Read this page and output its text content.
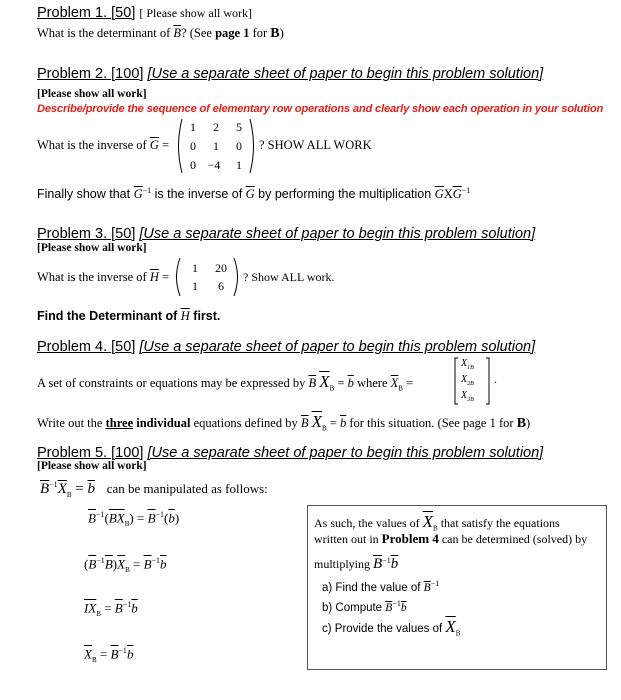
Problem 1. [50] [ Please show all work]
What is the determinant of $\overline{B}$? (See page 1 for B)
Problem 2. [100] [Use a separate sheet of paper to begin this problem solution]
[Please show all work]
Describe/provide the sequence of elementary row operations and clearly show each operation in your solution
What is the inverse of $\overline{G}$ =
1	2	5
0	1	0
0 −4	1
? SHOW ALL WORK
Finally show that $\overline{G}^{-1}$ is the inverse of $\overline{G}$ by performing the multiplication $\overline{G}X\overline{G}^{-1}$
Problem 3. [50] [Use a separate sheet of paper to begin this problem solution]
[Please show all work]
What is the inverse of $\overline{H}$ =
1	20
1	6
? Show ALL work.
Find the Determinant of $\overline{H}$ first.
Problem 4. [50] [Use a separate sheet of paper to begin this problem solution]
A set of constraints or equations may be expressed by $\overline{B}$ $\overline{X}_B = \overline{b}$ where $\overline{X}_B$ =
$X_{1B}$
$X_{2B}$
$X_{3B}$
.
Write out the three individual equations defined by $\overline{B}$ $\overline{X}_B = \overline{b}$ for this situation. (See page 1 for B)
Problem 5. [100] [Use a separate sheet of paper to begin this problem solution]
[Please show all work]
$\overline{B}^{-1}\overline{X}_B = \overline{b}$ can be manipulated as follows:
$\overline{B}^{-1}(\overline{B}\overline{X}_B) = \overline{B}^{-1}(\overline{b})$
$(\overline{B}^{-1}\overline{B})\overline{X}_B = \overline{B}^{-1}\overline{b}$
$\overline{IX}_B = \overline{B}^{-1}\overline{b}$
$\overline{X}_B = \overline{B}^{-1}\overline{b}$
As such, the values of $\overline{X}_B$ that satisfy the equations
written out in Problem 4 can be determined (solved) by
multiplying $\overline{B}^{-1}\overline{b}$
a) Find the value of $\overline{B}^{-1}$
b) Compute $\overline{B}^{-1}\overline{b}$
c) Provide the values of $\overline{X}_B$
